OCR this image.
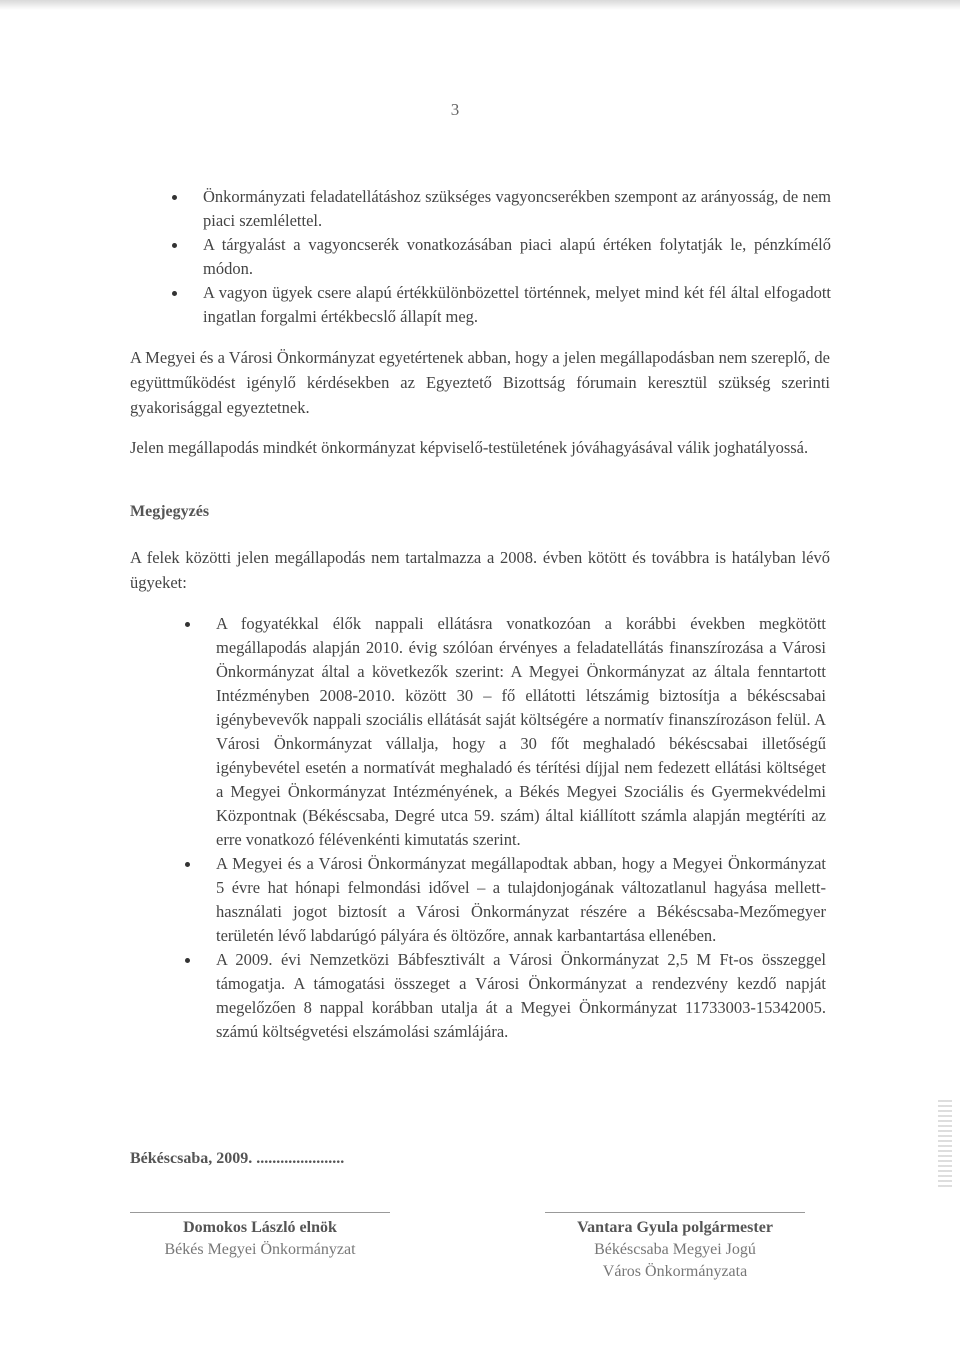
3
Önkormányzati feladatellátáshoz szükséges vagyoncserékben szempont az arányosság, de nem piaci szemlélettel.
A tárgyalást a vagyoncserék vonatkozásában piaci alapú értéken folytatják le, pénzkímélő módon.
A vagyon ügyek csere alapú értékkülönbözettel történnek, melyet mind két fél által elfogadott ingatlan forgalmi értékbecslő állapít meg.

A Megyei és a Városi Önkormányzat egyetértenek abban, hogy a jelen megállapodásban nem szereplő, de együttműködést igénylő kérdésekben az Egyeztető Bizottság fórumain keresztül szükség szerinti gyakorisággal egyeztetnek.

Jelen megállapodás mindkét önkormányzat képviselő-testületének jóváhagyásával válik joghatályossá.

Megjegyzés

A felek közötti jelen megállapodás nem tartalmazza a 2008. évben kötött és továbbra is hatályban lévő ügyeket:

A fogyatékkal élők nappali ellátásra vonatkozóan a korábbi években megkötött megállapodás alapján 2010. évig szólóan érvényes a feladatellátás finanszírozása a Városi Önkormányzat által a következők szerint: A Megyei Önkormányzat az általa fenntartott Intézményben 2008-2010. között 30 – fő ellátotti létszámig biztosítja a békéscsabai igénybevevők nappali szociális ellátását saját költségére a normatív finanszírozáson felül. A Városi Önkormányzat vállalja, hogy a 30 főt meghaladó békéscsabai illetőségű igénybevétel esetén a normatívát meghaladó és térítési díjjal nem fedezett ellátási költséget a Megyei Önkormányzat Intézményének, a Békés Megyei Szociális és Gyermekvédelmi Központnak (Békéscsaba, Degré utca 59. szám) által kiállított számla alapján megtéríti az erre vonatkozó félévenkénti kimutatás szerint.
A Megyei és a Városi Önkormányzat megállapodtak abban, hogy a Megyei Önkormányzat 5 évre hat hónapi felmondási idővel – a tulajdonjogának változatlanul hagyása mellett- használati jogot biztosít a Városi Önkormányzat részére a Békéscsaba-Mezőmegyer területén lévő labdarúgó pályára és öltözőre, annak karbantartása ellenében.
A 2009. évi Nemzetközi Bábfesztivált a Városi Önkormányzat 2,5 M Ft-os összeggel támogatja. A támogatási összeget a Városi Önkormányzat a rendezvény kezdő napját megelőzően 8 nappal korábban utalja át a Megyei Önkormányzat 11733003-15342005. számú költségvetési elszámolási számlájára.

Békéscsaba, 2009. ......................

Domokos László elnök
Békés Megyei Önkormányzat
Vantara Gyula polgármester
Békéscsaba Megyei Jogú
Város Önkormányzata
